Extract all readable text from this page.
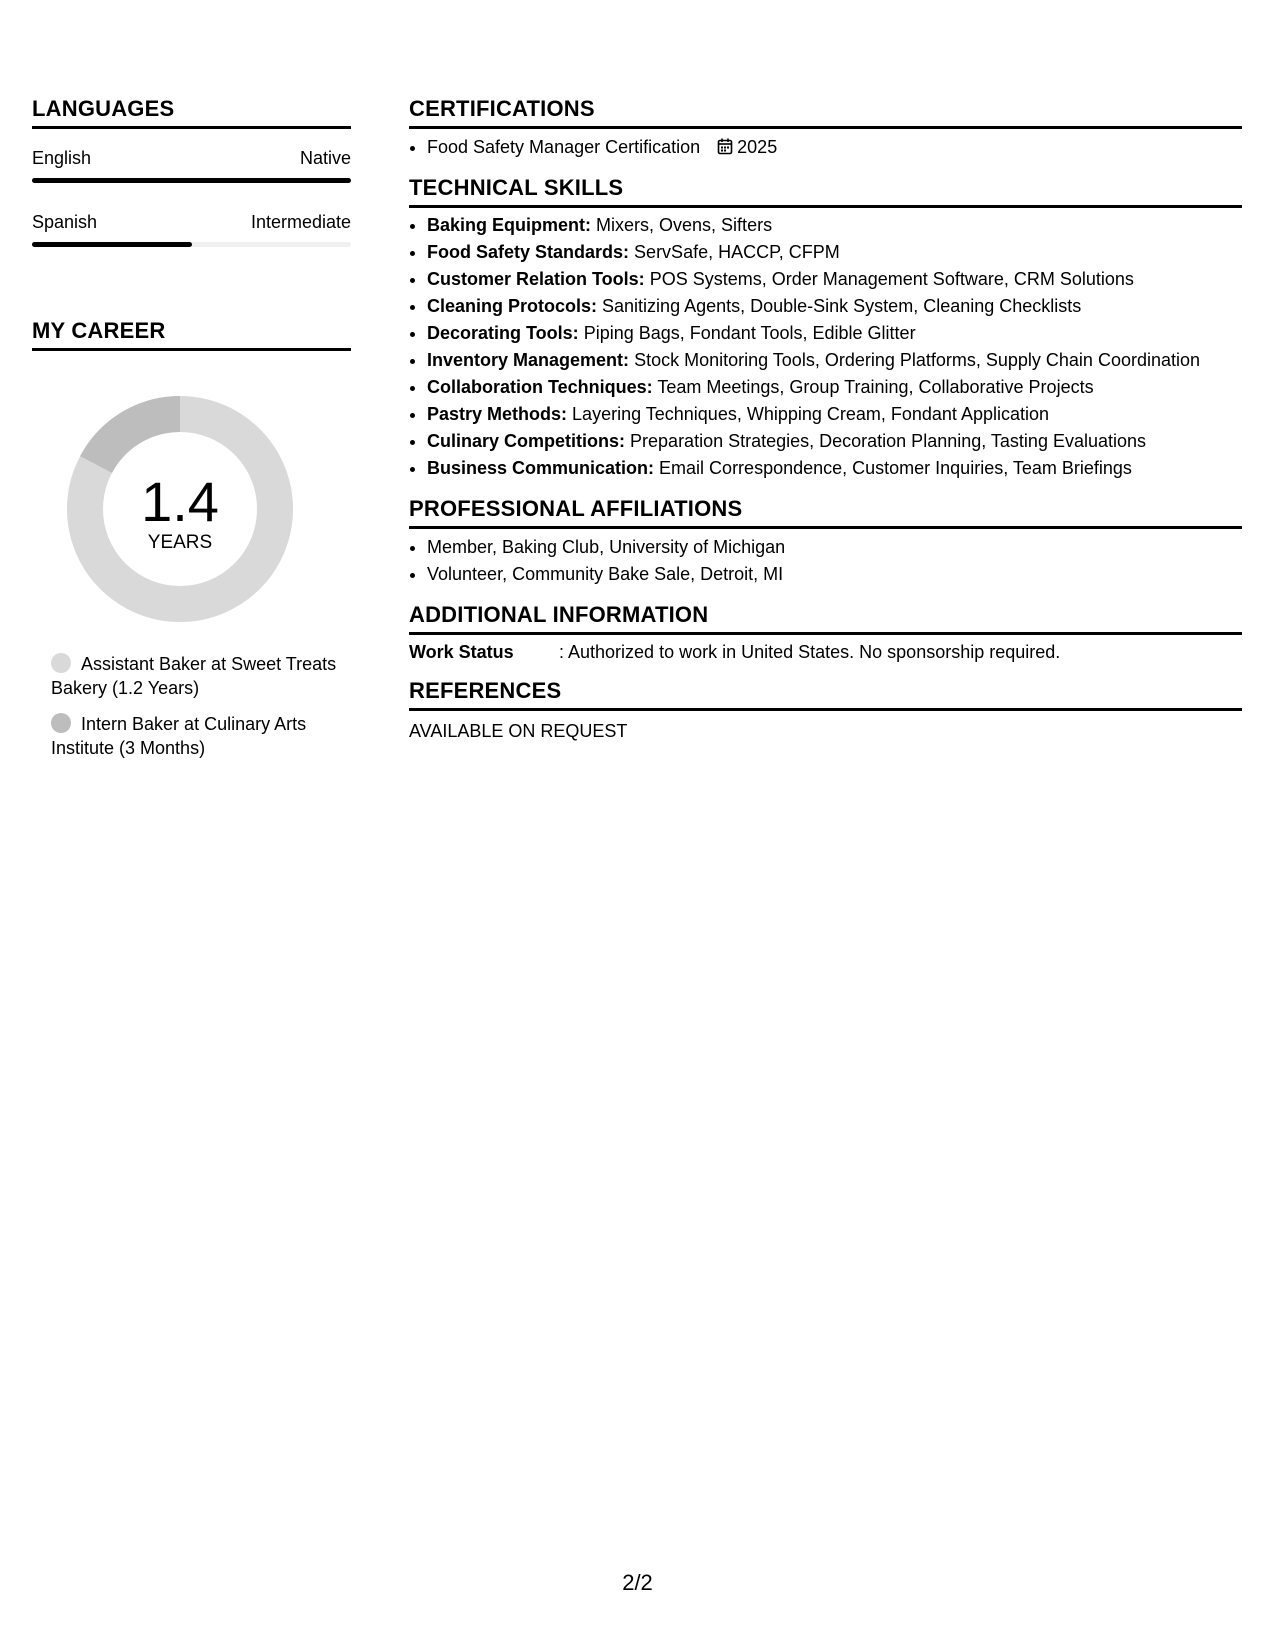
LANGUAGES
English	Native
Spanish	Intermediate
MY CAREER
1.4
YEARS
Assistant Baker at Sweet Treats Bakery (1.2 Years)
Intern Baker at Culinary Arts Institute (3 Months)
CERTIFICATIONS
• Food Safety Manager Certification 2025
TECHNICAL SKILLS
• Baking Equipment: Mixers, Ovens, Sifters
• Food Safety Standards: ServSafe, HACCP, CFPM
• Customer Relation Tools: POS Systems, Order Management Software, CRM Solutions
• Cleaning Protocols: Sanitizing Agents, Double-Sink System, Cleaning Checklists
• Decorating Tools: Piping Bags, Fondant Tools, Edible Glitter
• Inventory Management: Stock Monitoring Tools, Ordering Platforms, Supply Chain Coordination
• Collaboration Techniques: Team Meetings, Group Training, Collaborative Projects
• Pastry Methods: Layering Techniques, Whipping Cream, Fondant Application
• Culinary Competitions: Preparation Strategies, Decoration Planning, Tasting Evaluations
• Business Communication: Email Correspondence, Customer Inquiries, Team Briefings
PROFESSIONAL AFFILIATIONS
• Member, Baking Club, University of Michigan
• Volunteer, Community Bake Sale, Detroit, MI
ADDITIONAL INFORMATION
Work Status	: Authorized to work in United States. No sponsorship required.
REFERENCES
AVAILABLE ON REQUEST
2/2
